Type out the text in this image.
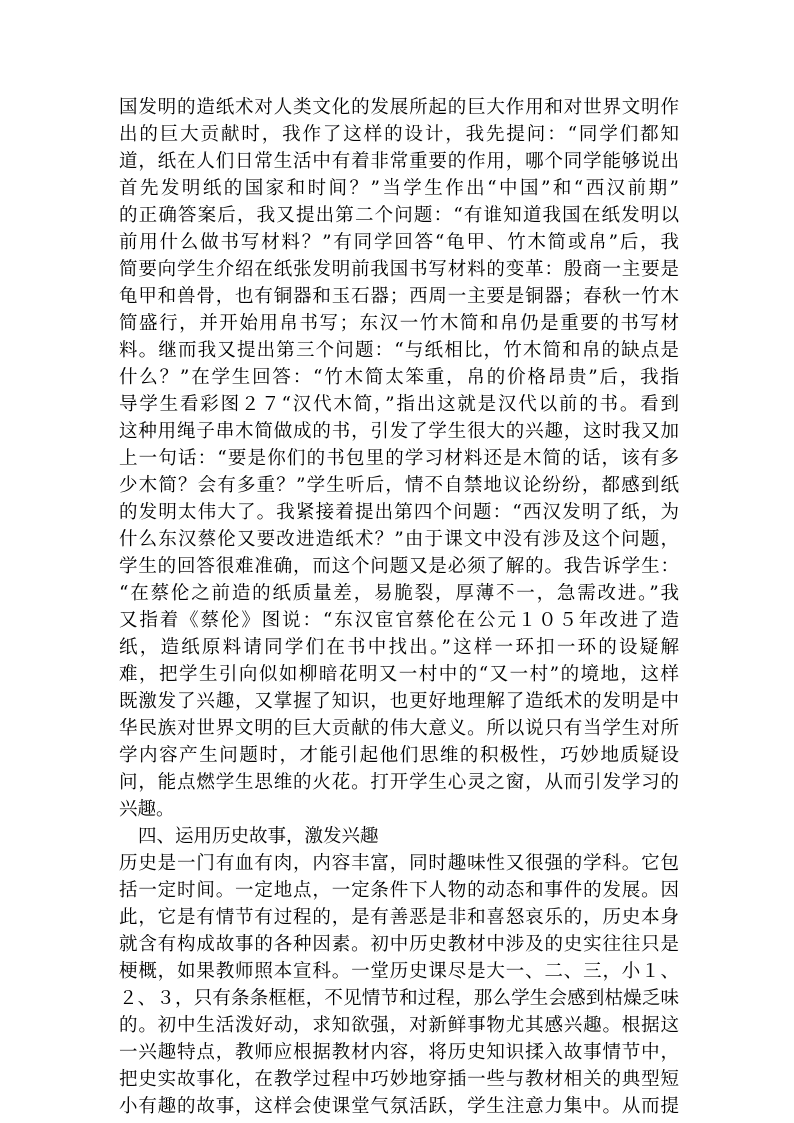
国发明的造纸术对人类文化的发展所起的巨大作用和对世界文明作
出的巨大贡献时，我作了这样的设计，我先提问：“同学们都知
道，纸在人们日常生活中有着非常重要的作用，哪个同学能够说出
首先发明纸的国家和时间？”当学生作出“中国”和“西汉前期”
的正确答案后，我又提出第二个问题：“有谁知道我国在纸发明以
前用什么做书写材料？”有同学回答“龟甲、竹木简或帛”后，我
简要向学生介绍在纸张发明前我国书写材料的变革：殷商一主要是
龟甲和兽骨，也有铜器和玉石器；西周一主要是铜器；春秋一竹木
简盛行，并开始用帛书写；东汉一竹木简和帛仍是重要的书写材
料。继而我又提出第三个问题：“与纸相比，竹木简和帛的缺点是
什么？”在学生回答：“竹木简太笨重，帛的价格昂贵”后，我指
导学生看彩图２７“汉代木简，”指出这就是汉代以前的书。看到
这种用绳子串木简做成的书，引发了学生很大的兴趣，这时我又加
上一句话：“要是你们的书包里的学习材料还是木简的话，该有多
少木简？会有多重？”学生听后，情不自禁地议论纷纷，都感到纸
的发明太伟大了。我紧接着提出第四个问题：“西汉发明了纸，为
什么东汉蔡伦又要改进造纸术？”由于课文中没有涉及这个问题，
学生的回答很难准确，而这个问题又是必须了解的。我告诉学生：
“在蔡伦之前造的纸质量差，易脆裂，厚薄不一，急需改进。”我
又指着《蔡伦》图说：“东汉宦官蔡伦在公元１０５年改进了造
纸，造纸原料请同学们在书中找出。”这样一环扣一环的设疑解
难，把学生引向似如柳暗花明又一村中的“又一村”的境地，这样
既激发了兴趣，又掌握了知识，也更好地理解了造纸术的发明是中
华民族对世界文明的巨大贡献的伟大意义。所以说只有当学生对所
学内容产生问题时，才能引起他们思维的积极性，巧妙地质疑设
问，能点燃学生思维的火花。打开学生心灵之窗，从而引发学习的
兴趣。
四、运用历史故事，激发兴趣
历史是一门有血有肉，内容丰富，同时趣味性又很强的学科。它包
括一定时间。一定地点，一定条件下人物的动态和事件的发展。因
此，它是有情节有过程的，是有善恶是非和喜怒哀乐的，历史本身
就含有构成故事的各种因素。初中历史教材中涉及的史实往往只是
梗概，如果教师照本宣科。一堂历史课尽是大一、二、三，小１、
２、３，只有条条框框，不见情节和过程，那么学生会感到枯燥乏味
的。初中生活泼好动，求知欲强，对新鲜事物尤其感兴趣。根据这
一兴趣特点，教师应根据教材内容，将历史知识揉入故事情节中，
把史实故事化，在教学过程中巧妙地穿插一些与教材相关的典型短
小有趣的故事，这样会使课堂气氛活跃，学生注意力集中。从而提
